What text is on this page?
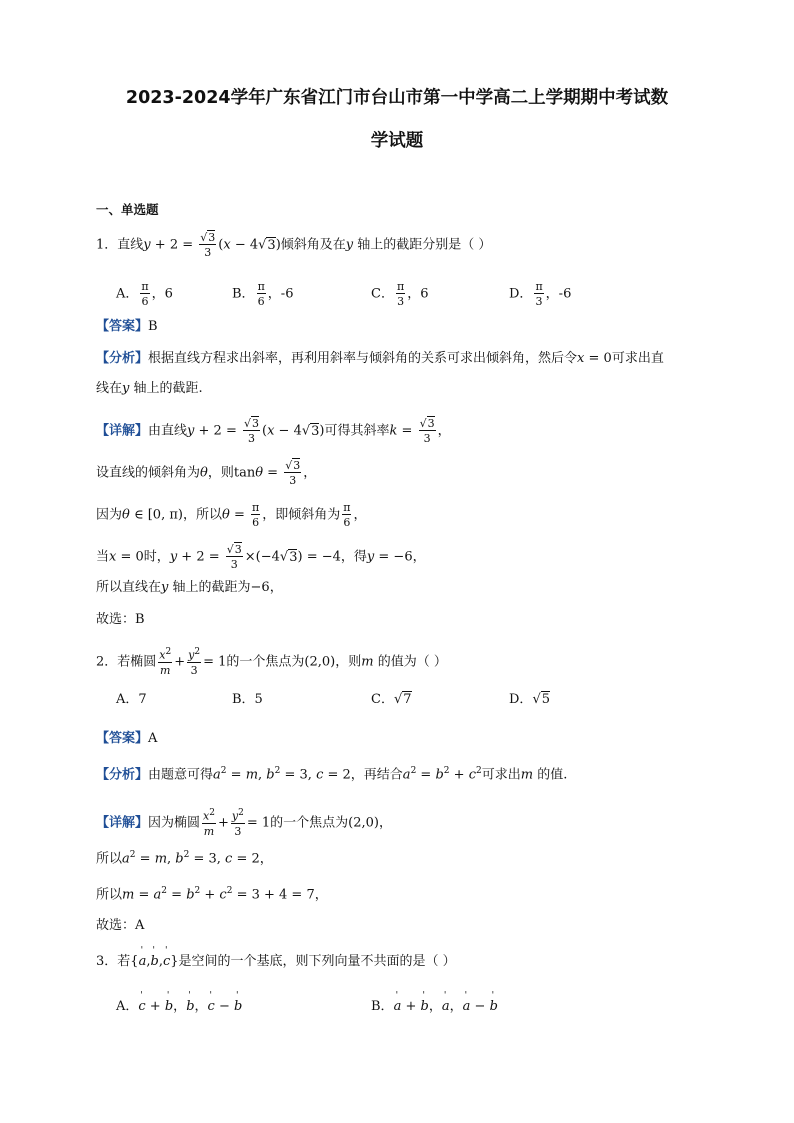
2023-2024学年广东省江门市台山市第一中学高二上学期期中考试数
学试题
一、单选题
1．直线$y + 2 = \frac{√3}{3} (x - 4√3)$倾斜角及在y 轴上的截距分别是（ ）
A． $\frac{\pi}{6}$ ，6	B． $\frac{\pi}{6}$ ，-6	C． $\frac{\pi}{3}$ ，6	D． $\frac{\pi}{3}$ ，-6
【答案】B
【分析】根据直线方程求出斜率，再利用斜率与倾斜角的关系可求出倾斜角，然后令x = 0可求出直
线在y 轴上的截距.
【详解】由直线$y + 2 = \frac{√3}{3} (x - 4√3)$可得其斜率$k = \frac{√3}{3}$ ，
设直线的倾斜角为θ，则$\tan\theta = \frac{√3}{3}$ ，
因为θ ∈ [0, π)，所以$\theta = \frac{\pi}{6}$ ，即倾斜角为 $\frac{\pi}{6}$ ，
当x = 0时，$y + 2 = \frac{√3}{3} \times(-4√3) = -4$，得y = −6，
所以直线在y 轴上的截距为−6，
故选：B
2．若椭圆 $\frac{x^2}{m} + \frac{y^2}{3} = 1$的一个焦点为(2,0)，则m 的值为（ ）
A．7	B．5	C．√7	D．√5
【答案】A
【分析】由题意可得$a^2 = m$, $b^2 = 3$, c = 2，再结合$a^2 = b^2 + c^2$可求出m 的值.
【详解】因为椭圆 $\frac{x^2}{m} + \frac{y^2}{3} = 1$的一个焦点为(2,0)，
所以$a^2 = m$, $b^2 = 3$, c = 2，
所以$m = a^2 = b^2 + c^2 = 3 + 4 = 7$，
故选：A
3．若{' a,' b,' c}是空间的一个基底，则下列向量不共面的是（ ）
A．' c + ' b，' b，' c − ' b	B．' a + ' b，' a，' a − ' b
